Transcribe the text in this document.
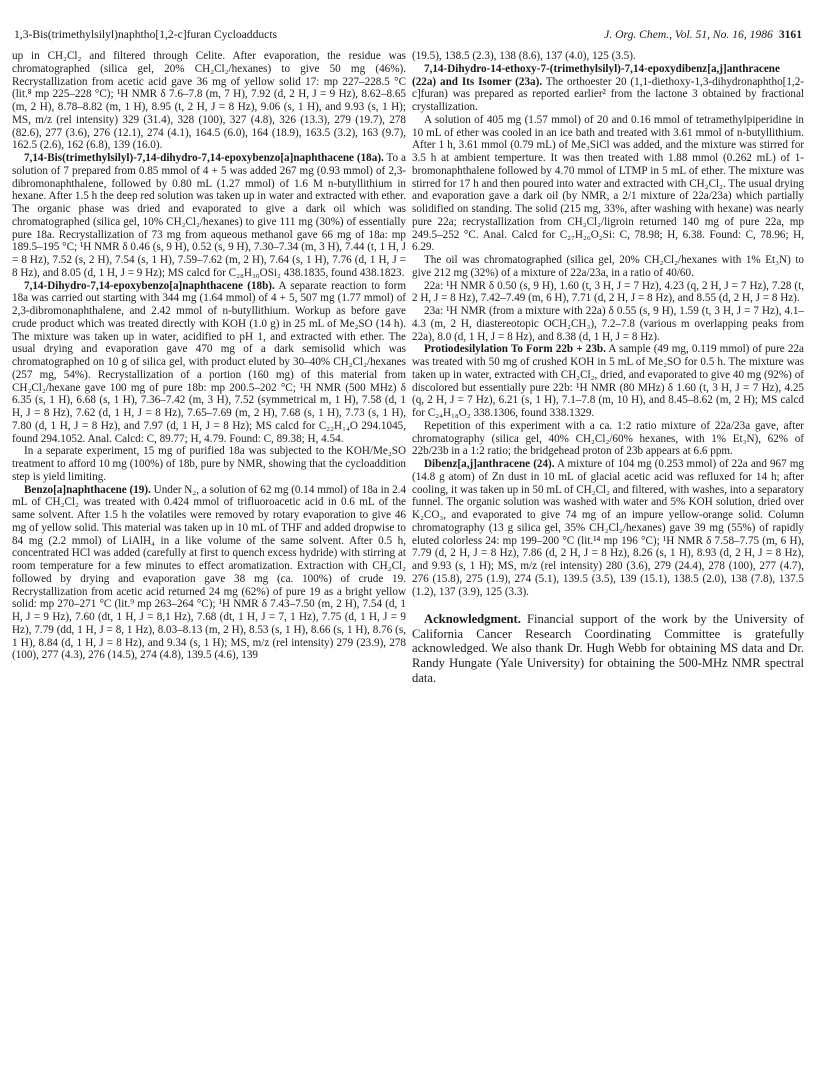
1,3-Bis(trimethylsilyl)naphtho[1,2-c]furan Cycloadducts	J. Org. Chem., Vol. 51, No. 16, 1986 3161

up in CH₂Cl₂ and filtered through Celite. After evaporation, the residue was chromatographed (silica gel, 20% CH₂Cl₂/hexanes) to give 50 mg (46%). Recrystallization from acetic acid gave 36 mg of yellow solid 17: mp 227–228.5 °C (lit.⁸ mp 225–228 °C); ¹H NMR δ 7.6–7.8 (m, 7 H), 7.92 (d, 2 H, J = 9 Hz), 8.62–8.65 (m, 2 H), 8.78–8.82 (m, 1 H), 8.95 (t, 2 H, J = 8 Hz), 9.06 (s, 1 H), and 9.93 (s, 1 H); MS, m/z (rel intensity) 329 (31.4), 328 (100), 327 (4.8), 326 (13.3), 279 (19.7), 278 (82.6), 277 (3.6), 276 (12.1), 274 (4.1), 164.5 (6.0), 164 (18.9), 163.5 (3.2), 163 (9.7), 162.5 (2.6), 162 (6.8), 139 (16.0).

7,14-Bis(trimethylsilyl)-7,14-dihydro-7,14-epoxybenzo[a]naphthacene (18a). To a solution of 7 prepared from 0.85 mmol of 4 + 5 was added 267 mg (0.93 mmol) of 2,3-dibromonaphthalene, followed by 0.80 mL (1.27 mmol) of 1.6 M n-butyllithium in hexane. After 1.5 h the deep red solution was taken up in water and extracted with ether. The organic phase was dried and evaporated to give a dark oil which was chromatographed (silica gel, 10% CH₂Cl₂/hexanes) to give 111 mg (30%) of essentially pure 18a. Recrystallization of 73 mg from aqueous methanol gave 66 mg of 18a: mp 189.5–195 °C; ¹H NMR δ 0.46 (s, 9 H), 0.52 (s, 9 H), 7.30–7.34 (m, 3 H), 7.44 (t, 1 H, J = 8 Hz), 7.52 (s, 2 H), 7.54 (s, 1 H), 7.59–7.62 (m, 2 H), 7.64 (s, 1 H), 7.76 (d, 1 H, J = 8 Hz), and 8.05 (d, 1 H, J = 9 Hz); MS calcd for C₂₈H₃₀OSi₂ 438.1835, found 438.1823.

7,14-Dihydro-7,14-epoxybenzo[a]naphthacene (18b). A separate reaction to form 18a was carried out starting with 344 mg (1.64 mmol) of 4 + 5, 507 mg (1.77 mmol) of 2,3-dibromonaphthalene, and 2.42 mmol of n-butyllithium. Workup as before gave crude product which was treated directly with KOH (1.0 g) in 25 mL of Me₂SO (14 h). The mixture was taken up in water, acidified to pH 1, and extracted with ether. The usual drying and evaporation gave 470 mg of a dark semisolid which was chromatographed on 10 g of silica gel, with product eluted by 30–40% CH₂Cl₂/hexanes (257 mg, 54%). Recrystallization of a portion (160 mg) of this material from CH₂Cl₂/hexane gave 100 mg of pure 18b: mp 200.5–202 °C; ¹H NMR (500 MHz) δ 6.35 (s, 1 H), 6.68 (s, 1 H), 7.36–7.42 (m, 3 H), 7.52 (symmetrical m, 1 H), 7.58 (d, 1 H, J = 8 Hz), 7.62 (d, 1 H, J = 8 Hz), 7.65–7.69 (m, 2 H), 7.68 (s, 1 H), 7.73 (s, 1 H), 7.80 (d, 1 H, J = 8 Hz), and 7.97 (d, 1 H, J = 8 Hz); MS calcd for C₂₂H₁₄O 294.1045, found 294.1052. Anal. Calcd: C, 89.77; H, 4.79. Found: C, 89.38; H, 4.54.

In a separate experiment, 15 mg of purified 18a was subjected to the KOH/Me₂SO treatment to afford 10 mg (100%) of 18b, pure by NMR, showing that the cycloaddition step is yield limiting.

Benzo[a]naphthacene (19). Under N₂, a solution of 62 mg (0.14 mmol) of 18a in 2.4 mL of CH₂Cl₂ was treated with 0.424 mmol of trifluoroacetic acid in 0.6 mL of the same solvent. After 1.5 h the volatiles were removed by rotary evaporation to give 46 mg of yellow solid. This material was taken up in 10 mL of THF and added dropwise to 84 mg (2.2 mmol) of LiAlH₄ in a like volume of the same solvent. After 0.5 h, concentrated HCl was added (carefully at first to quench excess hydride) with stirring at room temperature for a few minutes to effect aromatization. Extraction with CH₂Cl₂ followed by drying and evaporation gave 38 mg (ca. 100%) of crude 19. Recrystallization from acetic acid returned 24 mg (62%) of pure 19 as a bright yellow solid: mp 270–271 °C (lit.⁹ mp 263–264 °C); ¹H NMR δ 7.43–7.50 (m, 2 H), 7.54 (d, 1 H, J = 9 Hz), 7.60 (dt, 1 H, J = 8,1 Hz), 7.68 (dt, 1 H, J = 7, 1 Hz), 7.75 (d, 1 H, J = 9 Hz), 7.79 (dd, 1 H, J = 8, 1 Hz), 8.03–8.13 (m, 2 H), 8.53 (s, 1 H), 8.66 (s, 1 H), 8.76 (s, 1 H), 8.84 (d, 1 H, J = 8 Hz), and 9.34 (s, 1 H); MS, m/z (rel intensity) 279 (23.9), 278 (100), 277 (4.3), 276 (14.5), 274 (4.8), 139.5 (4.6), 139

(19.5), 138.5 (2.3), 138 (8.6), 137 (4.0), 125 (3.5).

7,14-Dihydro-14-ethoxy-7-(trimethylsilyl)-7,14-epoxydibenz[a,j]anthracene (22a) and Its Isomer (23a). The orthoester 20 (1,1-diethoxy-1,3-dihydronaphtho[1,2-c]furan) was prepared as reported earlier² from the lactone 3 obtained by fractional crystallization.

A solution of 405 mg (1.57 mmol) of 20 and 0.16 mmol of tetramethylpiperidine in 10 mL of ether was cooled in an ice bath and treated with 3.61 mmol of n-butyllithium. After 1 h, 3.61 mmol (0.79 mL) of Me₃SiCl was added, and the mixture was stirred for 3.5 h at ambient temperture. It was then treated with 1.88 mmol (0.262 mL) of 1-bromonaphthalene followed by 4.70 mmol of LTMP in 5 mL of ether. The mixture was stirred for 17 h and then poured into water and extracted with CH₂Cl₂. The usual drying and evaporation gave a dark oil (by NMR, a 2/1 mixture of 22a/23a) which partially solidified on standing. The solid (215 mg, 33%, after washing with hexane) was nearly pure 22a; recrystallization from CH₂Cl₂/ligroin returned 140 mg of pure 22a, mp 249.5–252 °C. Anal. Calcd for C₂₇H₂₆O₂Si: C, 78.98; H, 6.38. Found: C, 78.96; H, 6.29.

The oil was chromatographed (silica gel, 20% CH₂Cl₂/hexanes with 1% Et₃N) to give 212 mg (32%) of a mixture of 22a/23a, in a ratio of 40/60.

22a: ¹H NMR δ 0.50 (s, 9 H), 1.60 (t, 3 H, J = 7 Hz), 4.23 (q, 2 H, J = 7 Hz), 7.28 (t, 2 H, J = 8 Hz), 7.42–7.49 (m, 6 H), 7.71 (d, 2 H, J = 8 Hz), and 8.55 (d, 2 H, J = 8 Hz).

23a: ¹H NMR (from a mixture with 22a) δ 0.55 (s, 9 H), 1.59 (t, 3 H, J = 7 Hz), 4.1–4.3 (m, 2 H, diastereotopic OCH₂CH₃), 7.2–7.8 (various m overlapping peaks from 22a), 8.0 (d, 1 H, J = 8 Hz), and 8.38 (d, 1 H, J = 8 Hz).

Protiodesilylation To Form 22b + 23b. A sample (49 mg, 0.119 mmol) of pure 22a was treated with 50 mg of crushed KOH in 5 mL of Me₂SO for 0.5 h. The mixture was taken up in water, extracted with CH₂Cl₂, dried, and evaporated to give 40 mg (92%) of discolored but essentially pure 22b: ¹H NMR (80 MHz) δ 1.60 (t, 3 H, J = 7 Hz), 4.25 (q, 2 H, J = 7 Hz), 6.21 (s, 1 H), 7.1–7.8 (m, 10 H), and 8.45–8.62 (m, 2 H); MS calcd for C₂₄H₁₈O₂ 338.1306, found 338.1329.

Repetition of this experiment with a ca. 1:2 ratio mixture of 22a/23a gave, after chromatography (silica gel, 40% CH₂Cl₂/60% hexanes, with 1% Et₃N), 62% of 22b/23b in a 1:2 ratio; the bridgehead proton of 23b appears at 6.6 ppm.

Dibenz[a,j]anthracene (24). A mixture of 104 mg (0.253 mmol) of 22a and 967 mg (14.8 g atom) of Zn dust in 10 mL of glacial acetic acid was refluxed for 14 h; after cooling, it was taken up in 50 mL of CH₂Cl₂ and filtered, with washes, into a separatory funnel. The organic solution was washed with water and 5% KOH solution, dried over K₂CO₃, and evaporated to give 74 mg of an impure yellow-orange solid. Column chromatography (13 g silica gel, 35% CH₂Cl₂/hexanes) gave 39 mg (55%) of rapidly eluted colorless 24: mp 199–200 °C (lit.¹⁴ mp 196 °C); ¹H NMR δ 7.58–7.75 (m, 6 H), 7.79 (d, 2 H, J = 8 Hz), 7.86 (d, 2 H, J = 8 Hz), 8.26 (s, 1 H), 8.93 (d, 2 H, J = 8 Hz), and 9.93 (s, 1 H); MS, m/z (rel intensity) 280 (3.6), 279 (24.4), 278 (100), 277 (4.7), 276 (15.8), 275 (1.9), 274 (5.1), 139.5 (3.5), 139 (15.1), 138.5 (2.0), 138 (7.8), 137.5 (1.2), 137 (3.9), 125 (3.3).

Acknowledgment. Financial support of the work by the University of California Cancer Research Coordinating Committee is gratefully acknowledged. We also thank Dr. Hugh Webb for obtaining MS data and Dr. Randy Hungate (Yale University) for obtaining the 500-MHz NMR spectral data.
